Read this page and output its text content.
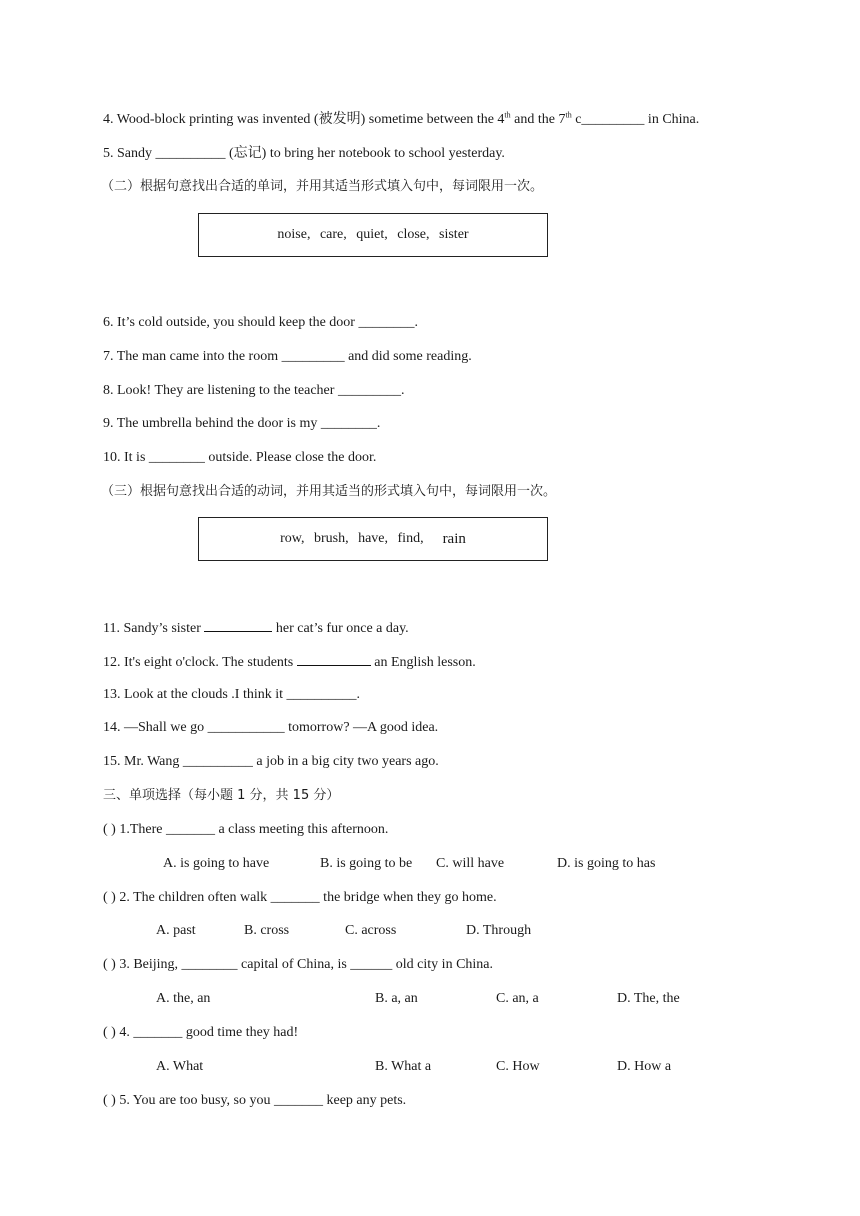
4. Wood-block printing was invented (被发明) sometime between the 4th and the 7th c_________ in China.
5. Sandy __________ (忘记) to bring her notebook to school yesterday.
（二）根据句意找出合适的单词，并用其适当形式填入句中，每词限用一次。
noise, care, quiet, close, sister
6. It’s cold outside, you should keep the door ________.
7. The man came into the room _________ and did some reading.
8. Look! They are listening to the teacher _________.
9. The umbrella behind the door is my ________.
10. It is ________ outside. Please close the door.
（三）根据句意找出合适的动词，并用其适当的形式填入句中，每词限用一次。
row, brush, have, find,
rain
11. Sandy’s sister	her cat’s fur once a day.
12. It's eight o'clock. The students	an English lesson.
13. Look at the clouds .I think it __________.
14. —Shall we go ___________ tomorrow? —A good idea.
15. Mr. Wang __________ a job in a big city two years ago.
三、单项选择（每小题 1 分，共 15 分）
( ) 1.There _______ a class meeting this afternoon.
A. is going to have	B. is going to be C. will have	D. is going to has
( ) 2. The children often walk _______ the bridge when they go home.
A. past	B. cross	C. across	D. Through
( ) 3. Beijing, ________ capital of China, is ______ old city in China.
A. the, an	B. a, an	C. an, a	D. The, the
( ) 4. _______ good time they had!
A. What	B. What a	C. How	D. How a
( ) 5. You are too busy, so you _______ keep any pets.
